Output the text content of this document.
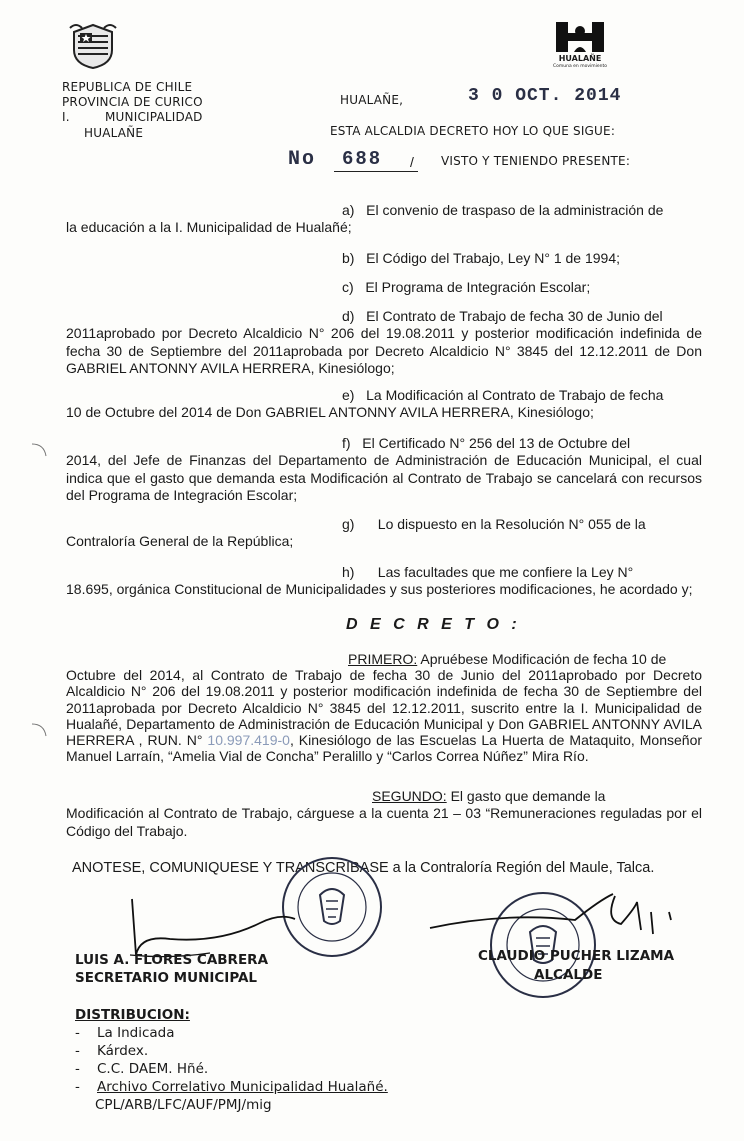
HUALAÑE
Comuna en movimiento
REPUBLICA DE CHILE
PROVINCIA DE CURICO
I.	MUNICIPALIDAD
HUALAÑE
HUALAÑE,	3 0 OCT. 2014
ESTA ALCALDIA DECRETO HOY LO QUE SIGUE:
No 688 / VISTO Y TENIENDO PRESENTE:
a) El convenio de traspaso de la administración de
la educación a la I. Municipalidad de Hualañé;
b) El Código del Trabajo, Ley N° 1 de 1994;
c) El Programa de Integración Escolar;
d) El Contrato de Trabajo de fecha 30 de Junio del
2011aprobado por Decreto Alcaldicio N° 206 del 19.08.2011 y posterior modificación indefinida de fecha 30 de Septiembre del 2011aprobada por Decreto Alcaldicio N° 3845 del 12.12.2011 de Don GABRIEL ANTONNY AVILA HERRERA, Kinesiólogo;
e) La Modificación al Contrato de Trabajo de fecha
10 de Octubre del 2014 de Don GABRIEL ANTONNY AVILA HERRERA, Kinesiólogo;
f) El Certificado N° 256 del 13 de Octubre del
2014, del Jefe de Finanzas del Departamento de Administración de Educación Municipal, el cual indica que el gasto que demanda esta Modificación al Contrato de Trabajo se cancelará con recursos del Programa de Integración Escolar;
g) Lo dispuesto en la Resolución N° 055 de la
Contraloría General de la República;
h) Las facultades que me confiere la Ley N°
18.695, orgánica Constitucional de Municipalidades y sus posteriores modificaciones, he acordado y;
D E C R E T O :
PRIMERO: Apruébese Modificación de fecha 10 de
Octubre del 2014, al Contrato de Trabajo de fecha 30 de Junio del 2011aprobado por Decreto Alcaldicio N° 206 del 19.08.2011 y posterior modificación indefinida de fecha 30 de Septiembre del 2011aprobada por Decreto Alcaldicio N° 3845 del 12.12.2011, suscrito entre la I. Municipalidad de Hualañé, Departamento de Administración de Educación Municipal y Don GABRIEL ANTONNY AVILA HERRERA , RUN. N° 10.997.419-0, Kinesiólogo de las Escuelas La Huerta de Mataquito, Monseñor Manuel Larraín, “Amelia Vial de Concha” Peralillo y “Carlos Correa Núñez” Mira Río.
SEGUNDO: El gasto que demande la
Modificación al Contrato de Trabajo, cárguese a la cuenta 21 – 03 “Remuneraciones reguladas por el Código del Trabajo.
ANOTESE, COMUNIQUESE Y TRANSCRIBASE a la Contraloría Región del Maule, Talca.
LUIS A. FLORES CABRERA
SECRETARIO MUNICIPAL
CLAUDIO PUCHER LIZAMA
ALCALDE
DISTRIBUCION:
- La Indicada
- Kárdex.
- C.C. DAEM. Hñé.
- Archivo Correlativo Municipalidad Hualañé.
CPL/ARB/LFC/AUF/PMJ/mig
